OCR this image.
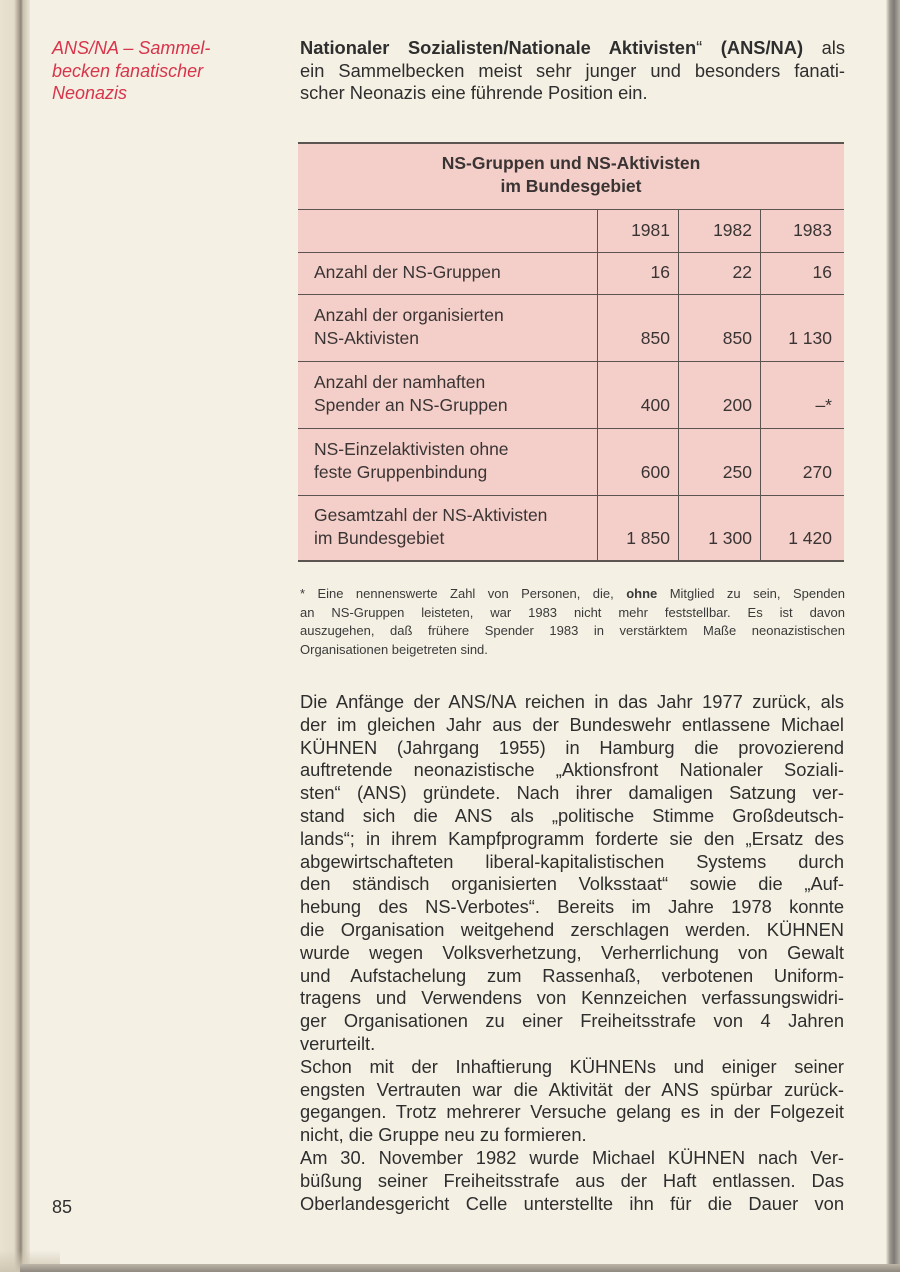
ANS/NA – Sammel-
becken fanatischer
Neonazis
Nationaler Sozialisten/Nationale Aktivisten“ (ANS/NA) als
ein Sammelbecken meist sehr junger und besonders fanati-
scher Neonazis eine führende Position ein.
NS-Gruppen und NS-Aktivisten
im Bundesgebiet
1981	1982	1983
Anzahl der NS-Gruppen	16	22	16
Anzahl der organisierten
NS-Aktivisten	850	850	1 130
Anzahl der namhaften
Spender an NS-Gruppen	400	200	–*
NS-Einzelaktivisten ohne
feste Gruppenbindung	600	250	270
Gesamtzahl der NS-Aktivisten
im Bundesgebiet	1 850	1 300	1 420
* Eine nennenswerte Zahl von Personen, die, ohne Mitglied zu sein, Spenden
an NS-Gruppen leisteten, war 1983 nicht mehr feststellbar. Es ist davon
auszugehen, daß frühere Spender 1983 in verstärktem Maße neonazistischen
Organisationen beigetreten sind.
Die Anfänge der ANS/NA reichen in das Jahr 1977 zurück, als
der im gleichen Jahr aus der Bundeswehr entlassene Michael
KÜHNEN (Jahrgang 1955) in Hamburg die provozierend
auftretende neonazistische „Aktionsfront Nationaler Soziali-
sten“ (ANS) gründete. Nach ihrer damaligen Satzung ver-
stand sich die ANS als „politische Stimme Großdeutsch-
lands“; in ihrem Kampfprogramm forderte sie den „Ersatz des
abgewirtschafteten liberal-kapitalistischen Systems durch
den ständisch organisierten Volksstaat“ sowie die „Auf-
hebung des NS-Verbotes“. Bereits im Jahre 1978 konnte
die Organisation weitgehend zerschlagen werden. KÜHNEN
wurde wegen Volksverhetzung, Verherrlichung von Gewalt
und Aufstachelung zum Rassenhaß, verbotenen Uniform-
tragens und Verwendens von Kennzeichen verfassungswidri-
ger Organisationen zu einer Freiheitsstrafe von 4 Jahren
verurteilt.
Schon mit der Inhaftierung KÜHNENs und einiger seiner
engsten Vertrauten war die Aktivität der ANS spürbar zurück-
gegangen. Trotz mehrerer Versuche gelang es in der Folgezeit
nicht, die Gruppe neu zu formieren.
Am 30. November 1982 wurde Michael KÜHNEN nach Ver-
büßung seiner Freiheitsstrafe aus der Haft entlassen. Das
Oberlandesgericht Celle unterstellte ihn für die Dauer von
85
